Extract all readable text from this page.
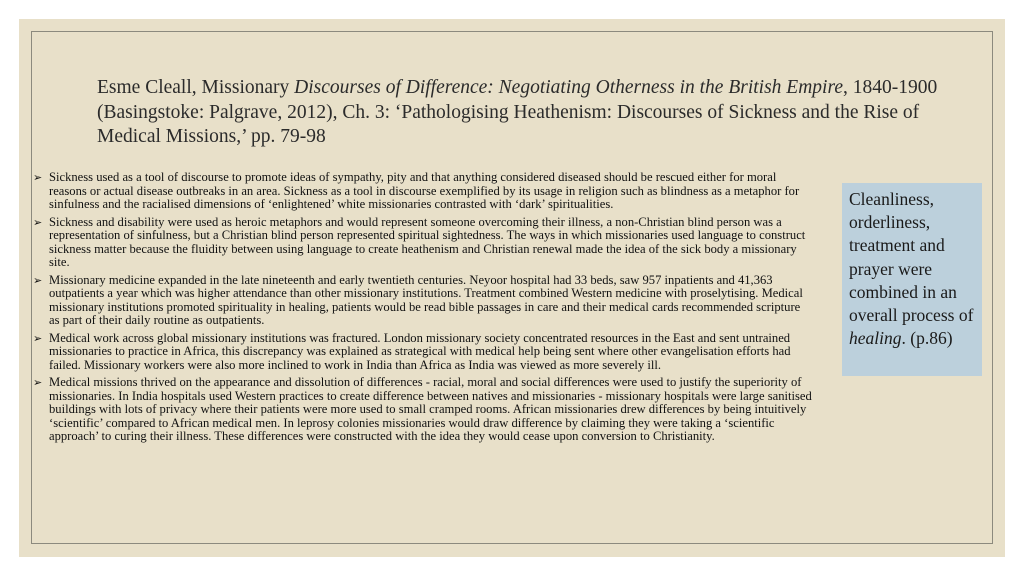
Esme Cleall, Missionary Discourses of Difference: Negotiating Otherness in the British Empire, 1840-1900 (Basingstoke: Palgrave, 2012), Ch. 3: ‘Pathologising Heathenism: Discourses of Sickness and the Rise of Medical Missions,’ pp. 79-98
➢ Sickness used as a tool of discourse to promote ideas of sympathy, pity and that anything considered diseased should be rescued either for moral reasons or actual disease outbreaks in an area. Sickness as a tool in discourse exemplified by its usage in religion such as blindness as a metaphor for sinfulness and the racialised dimensions of ‘enlightened’ white missionaries contrasted with ‘dark’ spiritualities.
➢ Sickness and disability were used as heroic metaphors and would represent someone overcoming their illness, a non-Christian blind person was a representation of sinfulness, but a Christian blind person represented spiritual sightedness. The ways in which missionaries used language to construct sickness matter because the fluidity between using language to create heathenism and Christian renewal made the idea of the sick body a missionary site.
➢ Missionary medicine expanded in the late nineteenth and early twentieth centuries. Neyoor hospital had 33 beds, saw 957 inpatients and 41,363 outpatients a year which was higher attendance than other missionary institutions. Treatment combined Western medicine with proselytising. Medical missionary institutions promoted spirituality in healing, patients would be read bible passages in care and their medical cards recommended scripture as part of their daily routine as outpatients.
➢ Medical work across global missionary institutions was fractured. London missionary society concentrated resources in the East and sent untrained missionaries to practice in Africa, this discrepancy was explained as strategical with medical help being sent where other evangelisation efforts had failed. Missionary workers were also more inclined to work in India than Africa as India was viewed as more severely ill.
➢ Medical missions thrived on the appearance and dissolution of differences - racial, moral and social differences were used to justify the superiority of missionaries. In India hospitals used Western practices to create difference between natives and missionaries - missionary hospitals were large sanitised buildings with lots of privacy where their patients were more used to small cramped rooms. African missionaries drew differences by being intuitively ‘scientific’ compared to African medical men. In leprosy colonies missionaries would draw difference by claiming they were taking a ‘scientific approach’ to curing their illness. These differences were constructed with the idea they would cease upon conversion to Christianity.
Cleanliness, orderliness, treatment and prayer were combined in an overall process of healing. (p.86)
